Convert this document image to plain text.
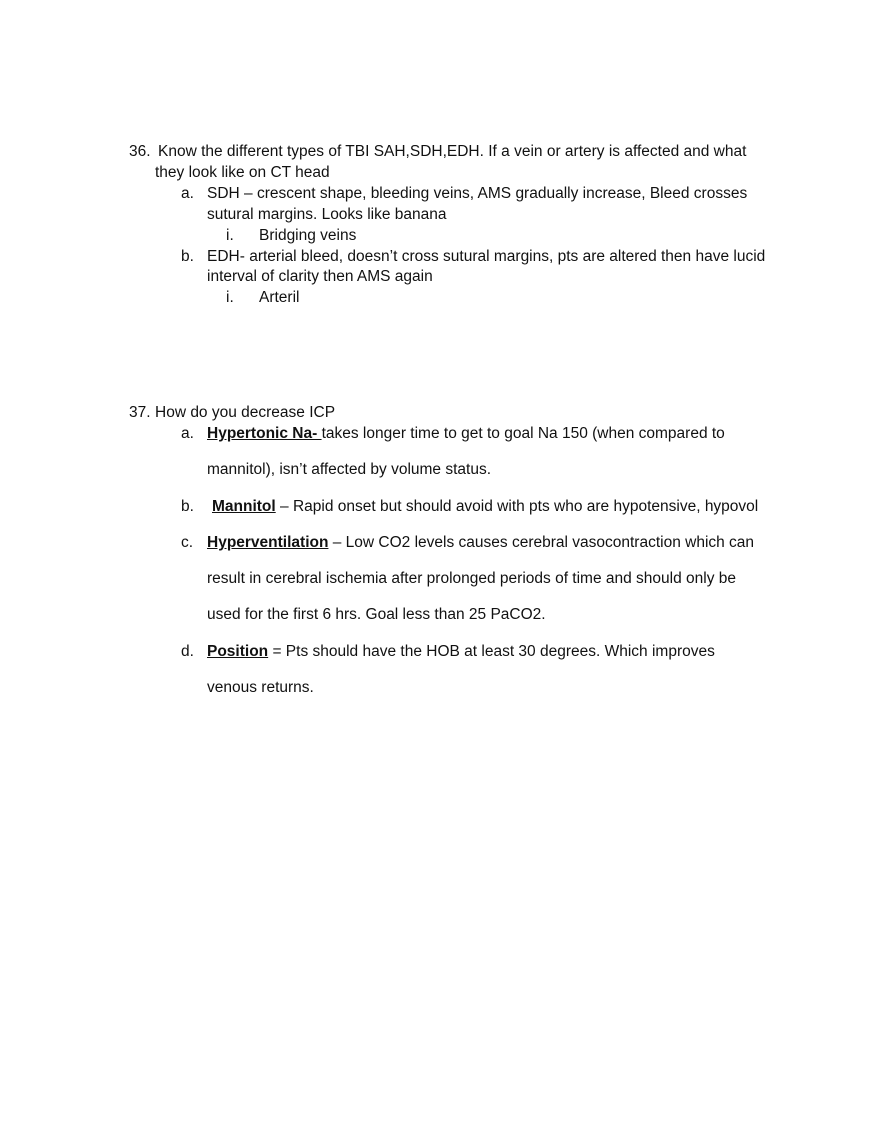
36. Know the different types of TBI SAH,SDH,EDH. If a vein or artery is affected and what
they look like on CT head
a. SDH – crescent shape, bleeding veins, AMS gradually increase, Bleed crosses
sutural margins. Looks like banana
i. Bridging veins
b. EDH- arterial bleed, doesn’t cross sutural margins, pts are altered then have lucid
interval of clarity then AMS again
i. Arteril
37. How do you decrease ICP
a. Hypertonic Na- takes longer time to get to goal Na 150 (when compared to
mannitol), isn’t affected by volume status.
b. Mannitol – Rapid onset but should avoid with pts who are hypotensive, hypovol
c. Hyperventilation – Low CO2 levels causes cerebral vasocontraction which can
result in cerebral ischemia after prolonged periods of time and should only be
used for the first 6 hrs. Goal less than 25 PaCO2.
d. Position = Pts should have the HOB at least 30 degrees. Which improves
venous returns.
